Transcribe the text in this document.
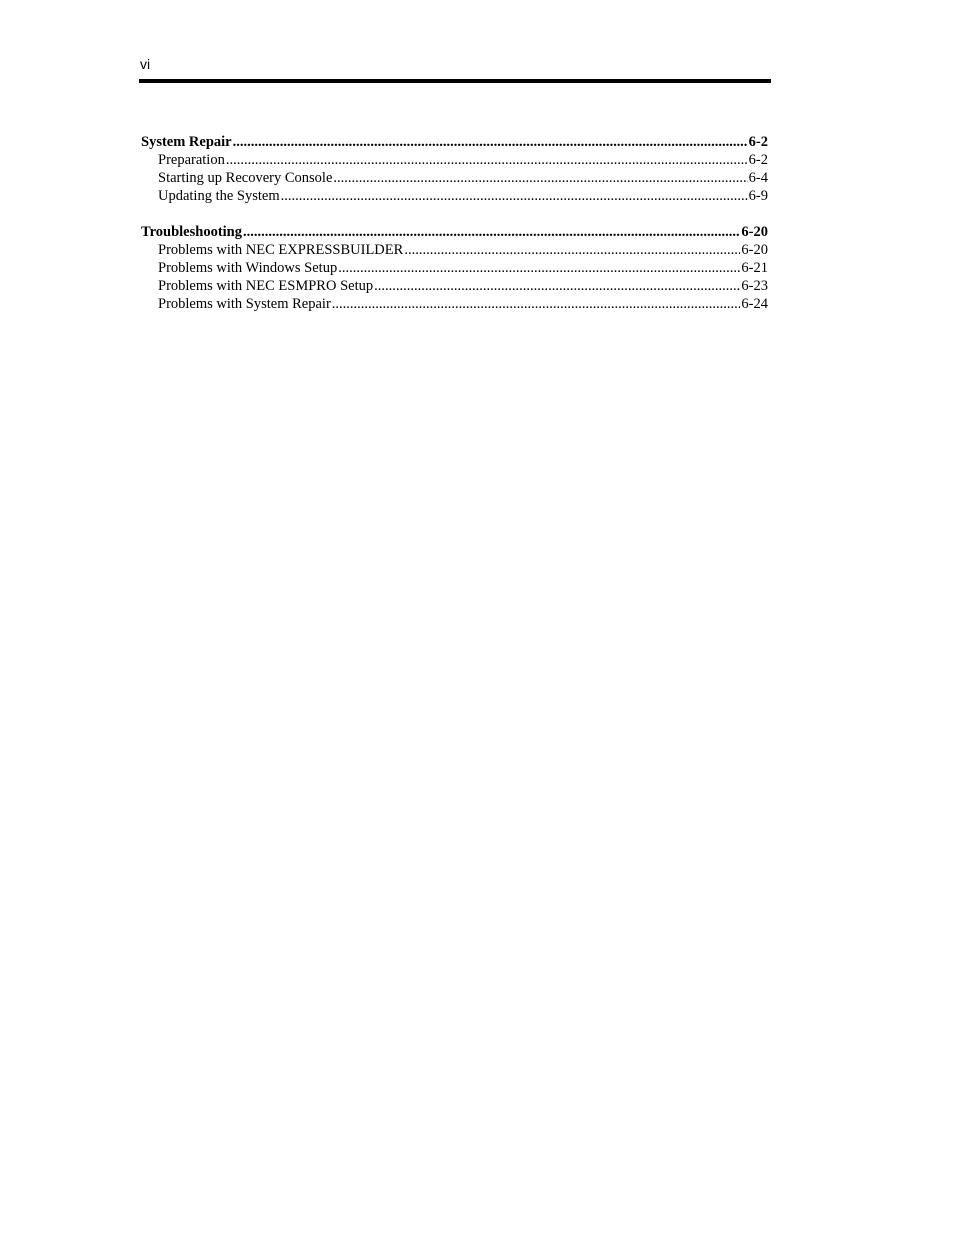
vi
System Repair .....	6-2
Preparation .....	6-2
Starting up Recovery Console .....	6-4
Updating the System .....	6-9
Troubleshooting .....	6-20
Problems with NEC EXPRESSBUILDER .....	6-20
Problems with Windows Setup .....	6-21
Problems with NEC ESMPRO Setup .....	6-23
Problems with System Repair .....	6-24
